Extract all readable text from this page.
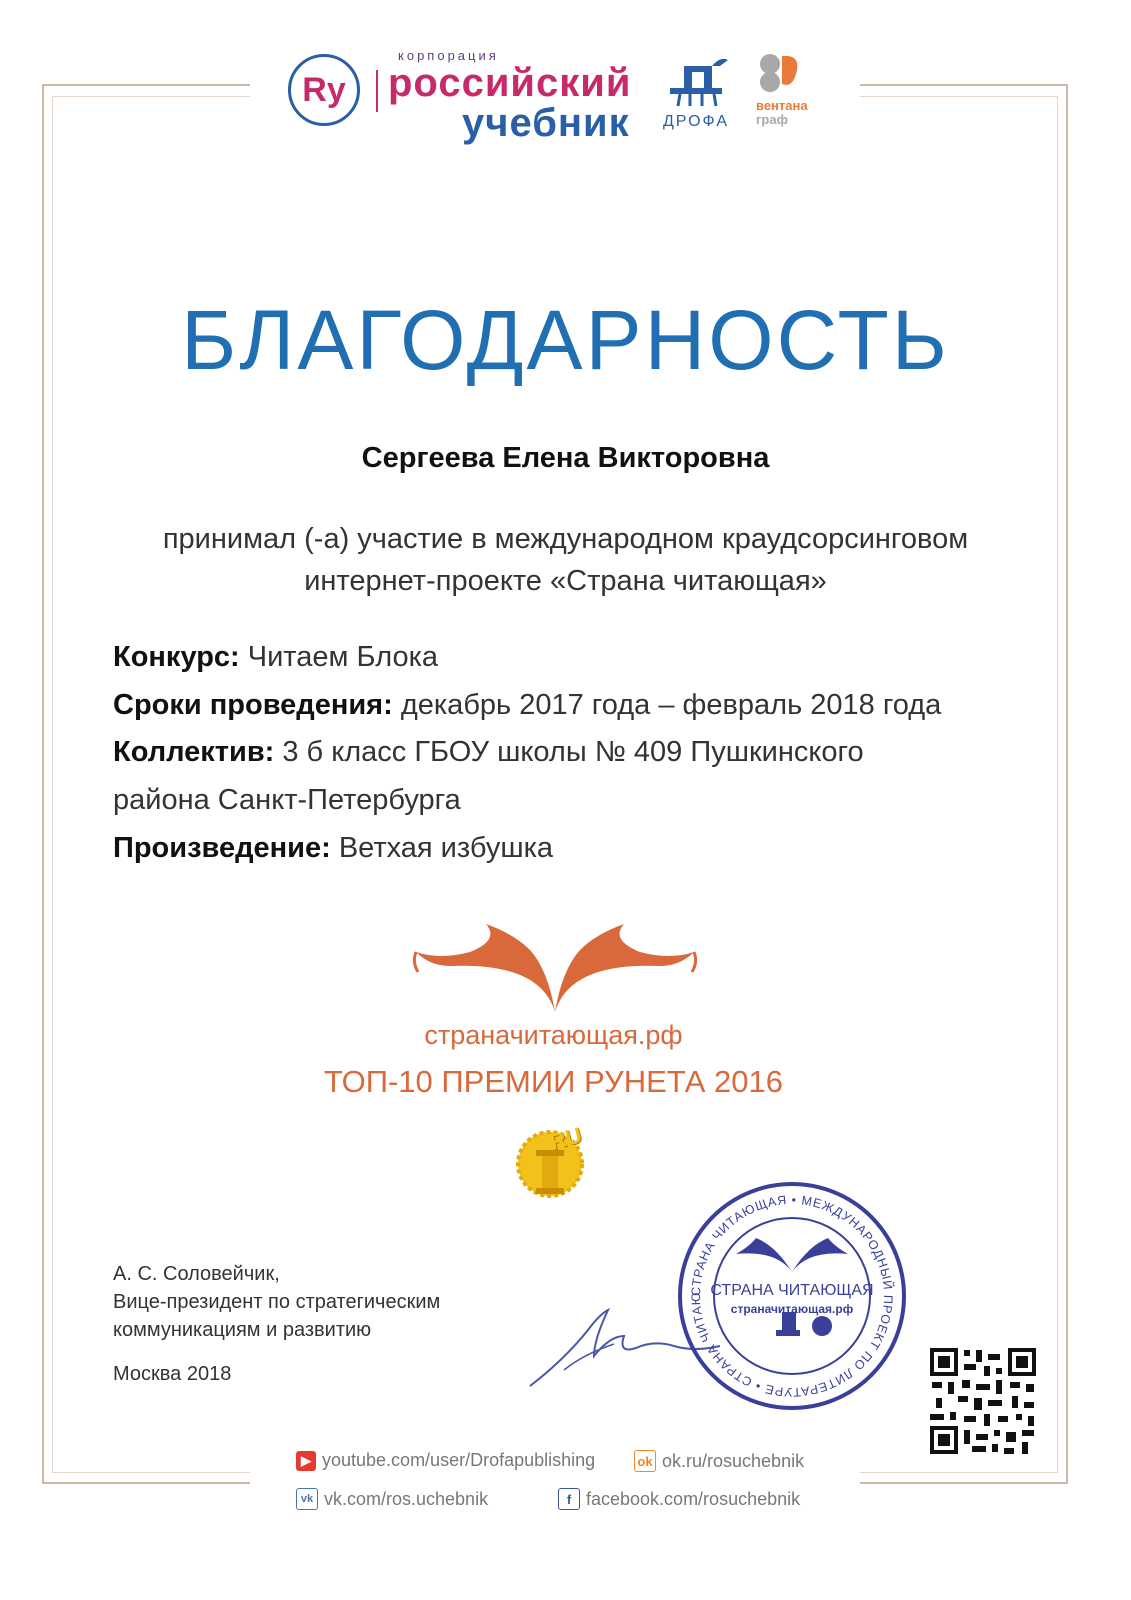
Ry
корпорация
российский
учебник ДРОФА
вентана
граф
БЛАГОДАРНОСТЬ
Сергеева Елена Викторовна
принимал (-а) участие в международном краудсорсинговом
интернет-проекте «Страна читающая»
Конкурс: Читаем Блока
Сроки проведения: декабрь 2017 года – февраль 2018 года
Коллектив: 3 б класс ГБОУ школы № 409 Пушкинского
района Санкт-Петербурга
Произведение: Ветхая избушка
страначитающая.рф
ТОП-10 ПРЕМИИ РУНЕТА 2016
RU
А. С. Соловейчик,
Вице-президент по стратегическим
коммуникациям и развитию
Москва 2018
СТРАНА ЧИТАЮЩАЯ • МЕЖДУНАРОДНЫЙ ПРОЕКТ ПО ЛИТЕРАТУРЕ • СТРАНА ЧИТАЮ СТРАНА ЧИТАЮЩАЯ
страначитающая.рф
▶ youtube.com/user/Drofapublishing	ok ok.ru/rosuchebnik
vk vk.com/ros.uchebnik	f facebook.com/rosuchebnik
